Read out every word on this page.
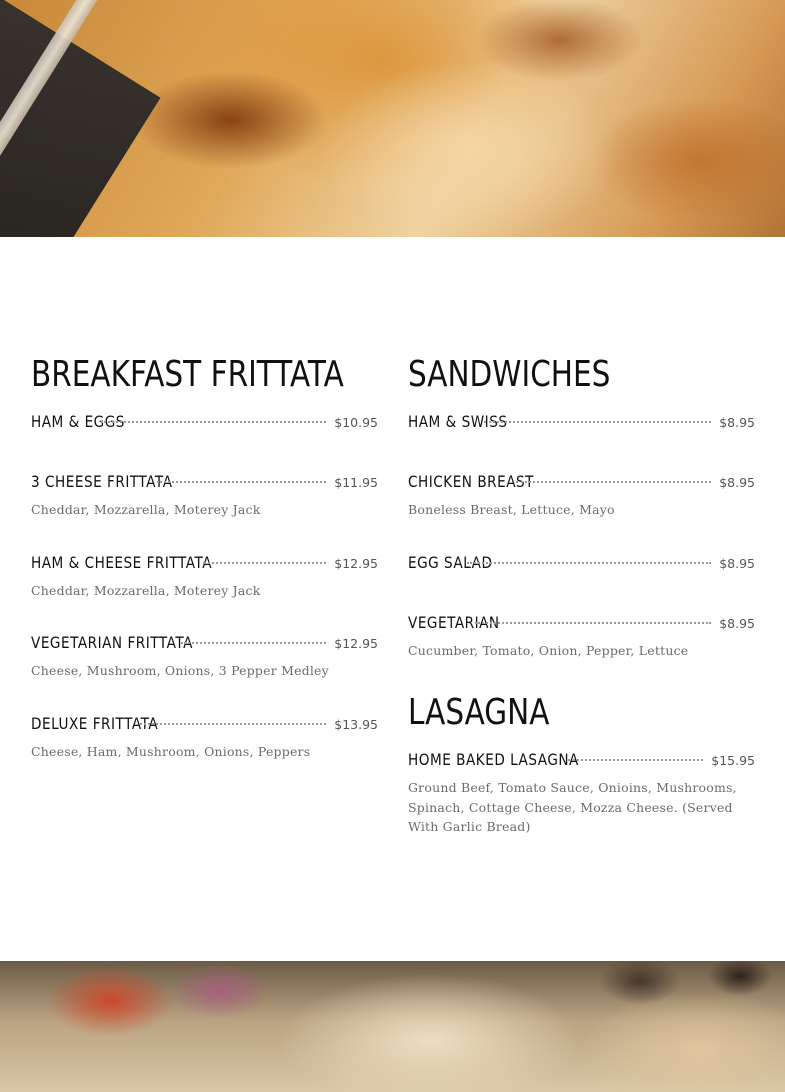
BREAKFAST FRITTATA
HAM & EGGS	$10.95
3 CHEESE FRITTATA	$11.95
Cheddar, Mozzarella, Moterey Jack
HAM & CHEESE FRITTATA	$12.95
Cheddar, Mozzarella, Moterey Jack
VEGETARIAN FRITTATA	$12.95
Cheese, Mushroom, Onions, 3 Pepper Medley
DELUXE FRITTATA	$13.95
Cheese, Ham, Mushroom, Onions, Peppers
SANDWICHES
HAM & SWISS	$8.95
CHICKEN BREAST	$8.95
Boneless Breast, Lettuce, Mayo
EGG SALAD	$8.95
VEGETARIAN	$8.95
Cucumber, Tomato, Onion, Pepper, Lettuce
LASAGNA
HOME BAKED LASAGNA	$15.95
Ground Beef, Tomato Sauce, Onioins, Mushrooms, Spinach, Cottage Cheese, Mozza Cheese. (Served With Garlic Bread)
